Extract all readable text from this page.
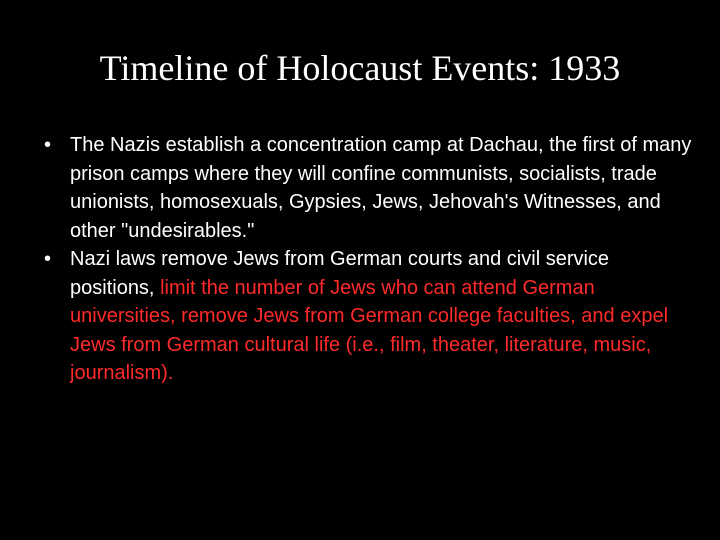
Timeline of Holocaust Events: 1933
• The Nazis establish a concentration camp at Dachau, the first of many prison camps where they will confine communists, socialists, trade unionists, homosexuals, Gypsies, Jews, Jehovah's Witnesses, and other "undesirables."
• Nazi laws remove Jews from German courts and civil service positions, limit the number of Jews who can attend German universities, remove Jews from German college faculties, and expel Jews from German cultural life (i.e., film, theater, literature, music, journalism).
